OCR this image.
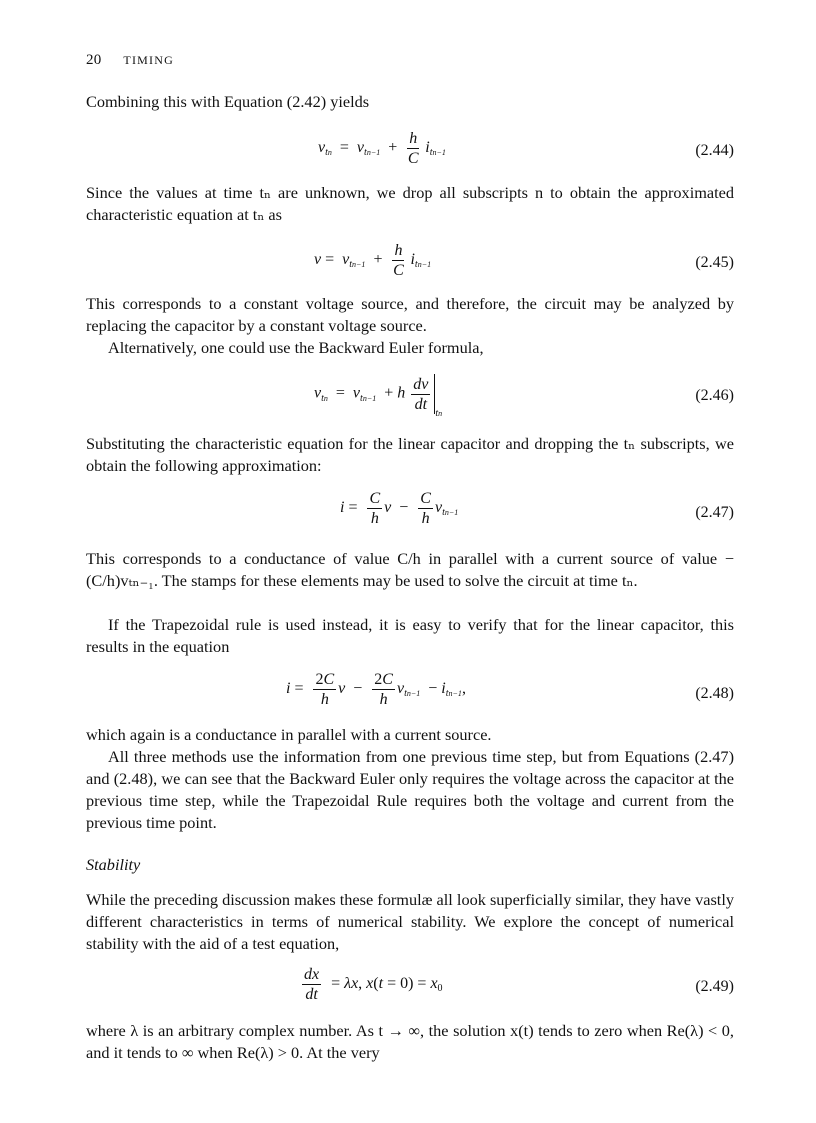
20 TIMING
Combining this with Equation (2.42) yields
$v_{tn} = v_{tn-1} + \frac{h}{C} i_{tn-1}$	(2.44)
Since the values at time tₙ are unknown, we drop all subscripts n to obtain the approximated characteristic equation at tₙ as
$v = v_{tn-1} + \frac{h}{C} i_{tn-1}$	(2.45)
This corresponds to a constant voltage source, and therefore, the circuit may be analyzed by replacing the capacitor by a constant voltage source.
Alternatively, one could use the Backward Euler formula,
$v_{tn} = v_{tn-1} + h \frac{dv}{dt} _{tn}$
(2.46)
Substituting the characteristic equation for the linear capacitor and dropping the tₙ subscripts, we obtain the following approximation:
$i = \frac{C}{h}$ $v - \frac{C}{h} v_{tn-1}$	(2.47)
This corresponds to a conductance of value C/h in parallel with a current source of value −(C/h)vₜₙ₋₁. The stamps for these elements may be used to solve the circuit at time tₙ.
If the Trapezoidal rule is used instead, it is easy to verify that for the linear capacitor, this results in the equation
$i = \frac{2C}{h}$ $v - \frac{2C}{h} v_{tn-1} - i_{tn-1}$,	(2.48)
which again is a conductance in parallel with a current source.
All three methods use the information from one previous time step, but from Equations (2.47) and (2.48), we can see that the Backward Euler only requires the voltage across the capacitor at the previous time step, while the Trapezoidal Rule requires both the voltage and current from the previous time point.
Stability
While the preceding discussion makes these formulæ all look superficially similar, they have vastly different characteristics in terms of numerical stability. We explore the concept of numerical stability with the aid of a test equation,
$\frac{dx}{dt} = \lambda x$, $x(t = 0) = x_0$	(2.49)
where λ is an arbitrary complex number. As t → ∞, the solution x(t) tends to zero when Re(λ) < 0, and it tends to ∞ when Re(λ) > 0. At the very
